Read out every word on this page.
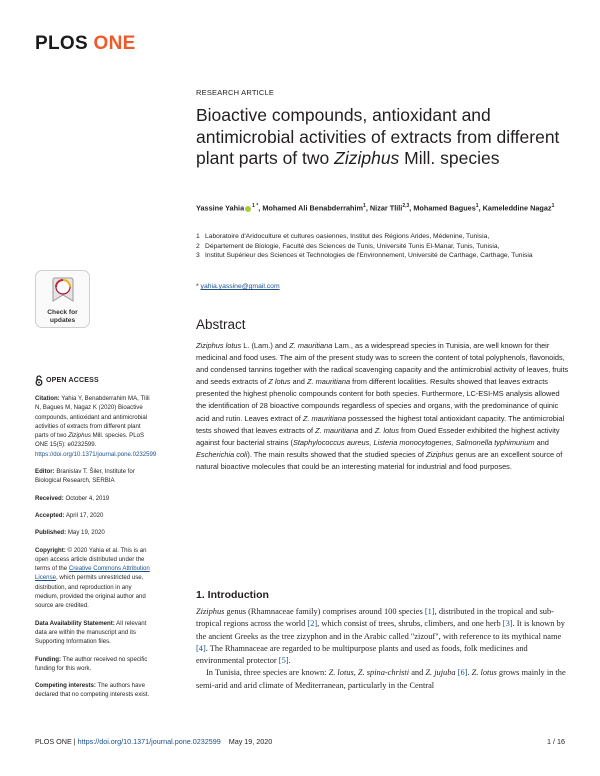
PLOS ONE
RESEARCH ARTICLE
Bioactive compounds, antioxidant and antimicrobial activities of extracts from different plant parts of two Ziziphus Mill. species
Yassine Yahia $^{1 *}$, Mohamed Ali Benabderrahim$^1$, Nizar Tlili$^{2,3}$, Mohamed Bagues$^1$, Kameleddine Nagaz$^1$
1 Laboratoire d'Aridoculture et cultures oasiennes, Institut des Régions Arides, Médenine, Tunisia,
2 Département de Biologie, Faculté des Sciences de Tunis, Université Tunis El-Manar, Tunis, Tunisia,
3 Institut Supérieur des Sciences et Technologies de l'Environnement, Université de Carthage, Carthage, Tunisia
* yahia.yassine@gmail.com
Check for
updates	Abstract

Ziziphus lotus L. (Lam.) and Z. mauritiana Lam., as a widespread species in Tunisia, are well known for their medicinal and food uses. The aim of the present study was to screen the content of total polyphenols, flavonoids, and condensed tannins together with the radical scavenging capacity and the antimicrobial activity of leaves, fruits and seeds extracts of Z lotus and Z. mauritiana from different localities. Results showed that leaves extracts presented the highest phenolic compounds content for both species. Furthermore, LC-ESI-MS analysis allowed the identification of 28 bioactive compounds regardless of species and organs, with the predominance of quinic acid and rutin. Leaves extract of Z. mauritiana possessed the highest total antioxidant capacity. The antimicrobial tests showed that leaves extracts of Z. mauritiana and Z. lotus from Oued Esseder exhibited the highest activity against four bacterial strains (Staphylococcus aureus, Listeria monocytogenes, Salmonella typhimurium and Escherichia coli). The main results showed that the studied species of Ziziphus genus are an excellent source of natural bioactive molecules that could be an interesting material for industrial and food purposes.

OPEN ACCESS
Citation: Yahia Y, Benabderrahim MA, Tlili N, Bagues M, Nagaz K (2020) Bioactive compounds, antioxidant and antimicrobial activities of extracts from different plant parts of two Ziziphus Mill. species. PLoS ONE 15(5): e0232599. https://doi.org/10.1371/journal.pone.0232599
Editor: Branislav T. Šiler, Institute for Biological Research, SERBIA
Received: October 4, 2019
Accepted: April 17, 2020
Published: May 19, 2020
Copyright: © 2020 Yahia et al. This is an open access article distributed under the terms of the Creative Commons Attribution License, which permits unrestricted use, distribution, and reproduction in any medium, provided the original author and source are credited.
Data Availability Statement: All relevant data are within the manuscript and its Supporting Information files.
Funding: The author received no specific funding for this work.
Competing interests: The authors have declared that no competing interests exist.
1. Introduction

Ziziphus genus (Rhamnaceae family) comprises around 100 species [1], distributed in the tropical and sub-tropical regions across the world [2], which consist of trees, shrubs, climbers, and one herb [3]. It is known by the ancient Greeks as the tree zizyphon and in the Arabic called "zizouf", with reference to its mythical name [4]. The Rhamnaceae are regarded to be multipurpose plants and used as foods, folk medicines and environmental protector [5].

In Tunisia, three species are known: Z. lotus, Z. spina-christi and Z. jujuba [6]. Z. lotus grows mainly in the semi-arid and arid climate of Mediterranean, particularly in the Central

PLOS ONE | https://doi.org/10.1371/journal.pone.0232599 May 19, 2020	1 / 16
